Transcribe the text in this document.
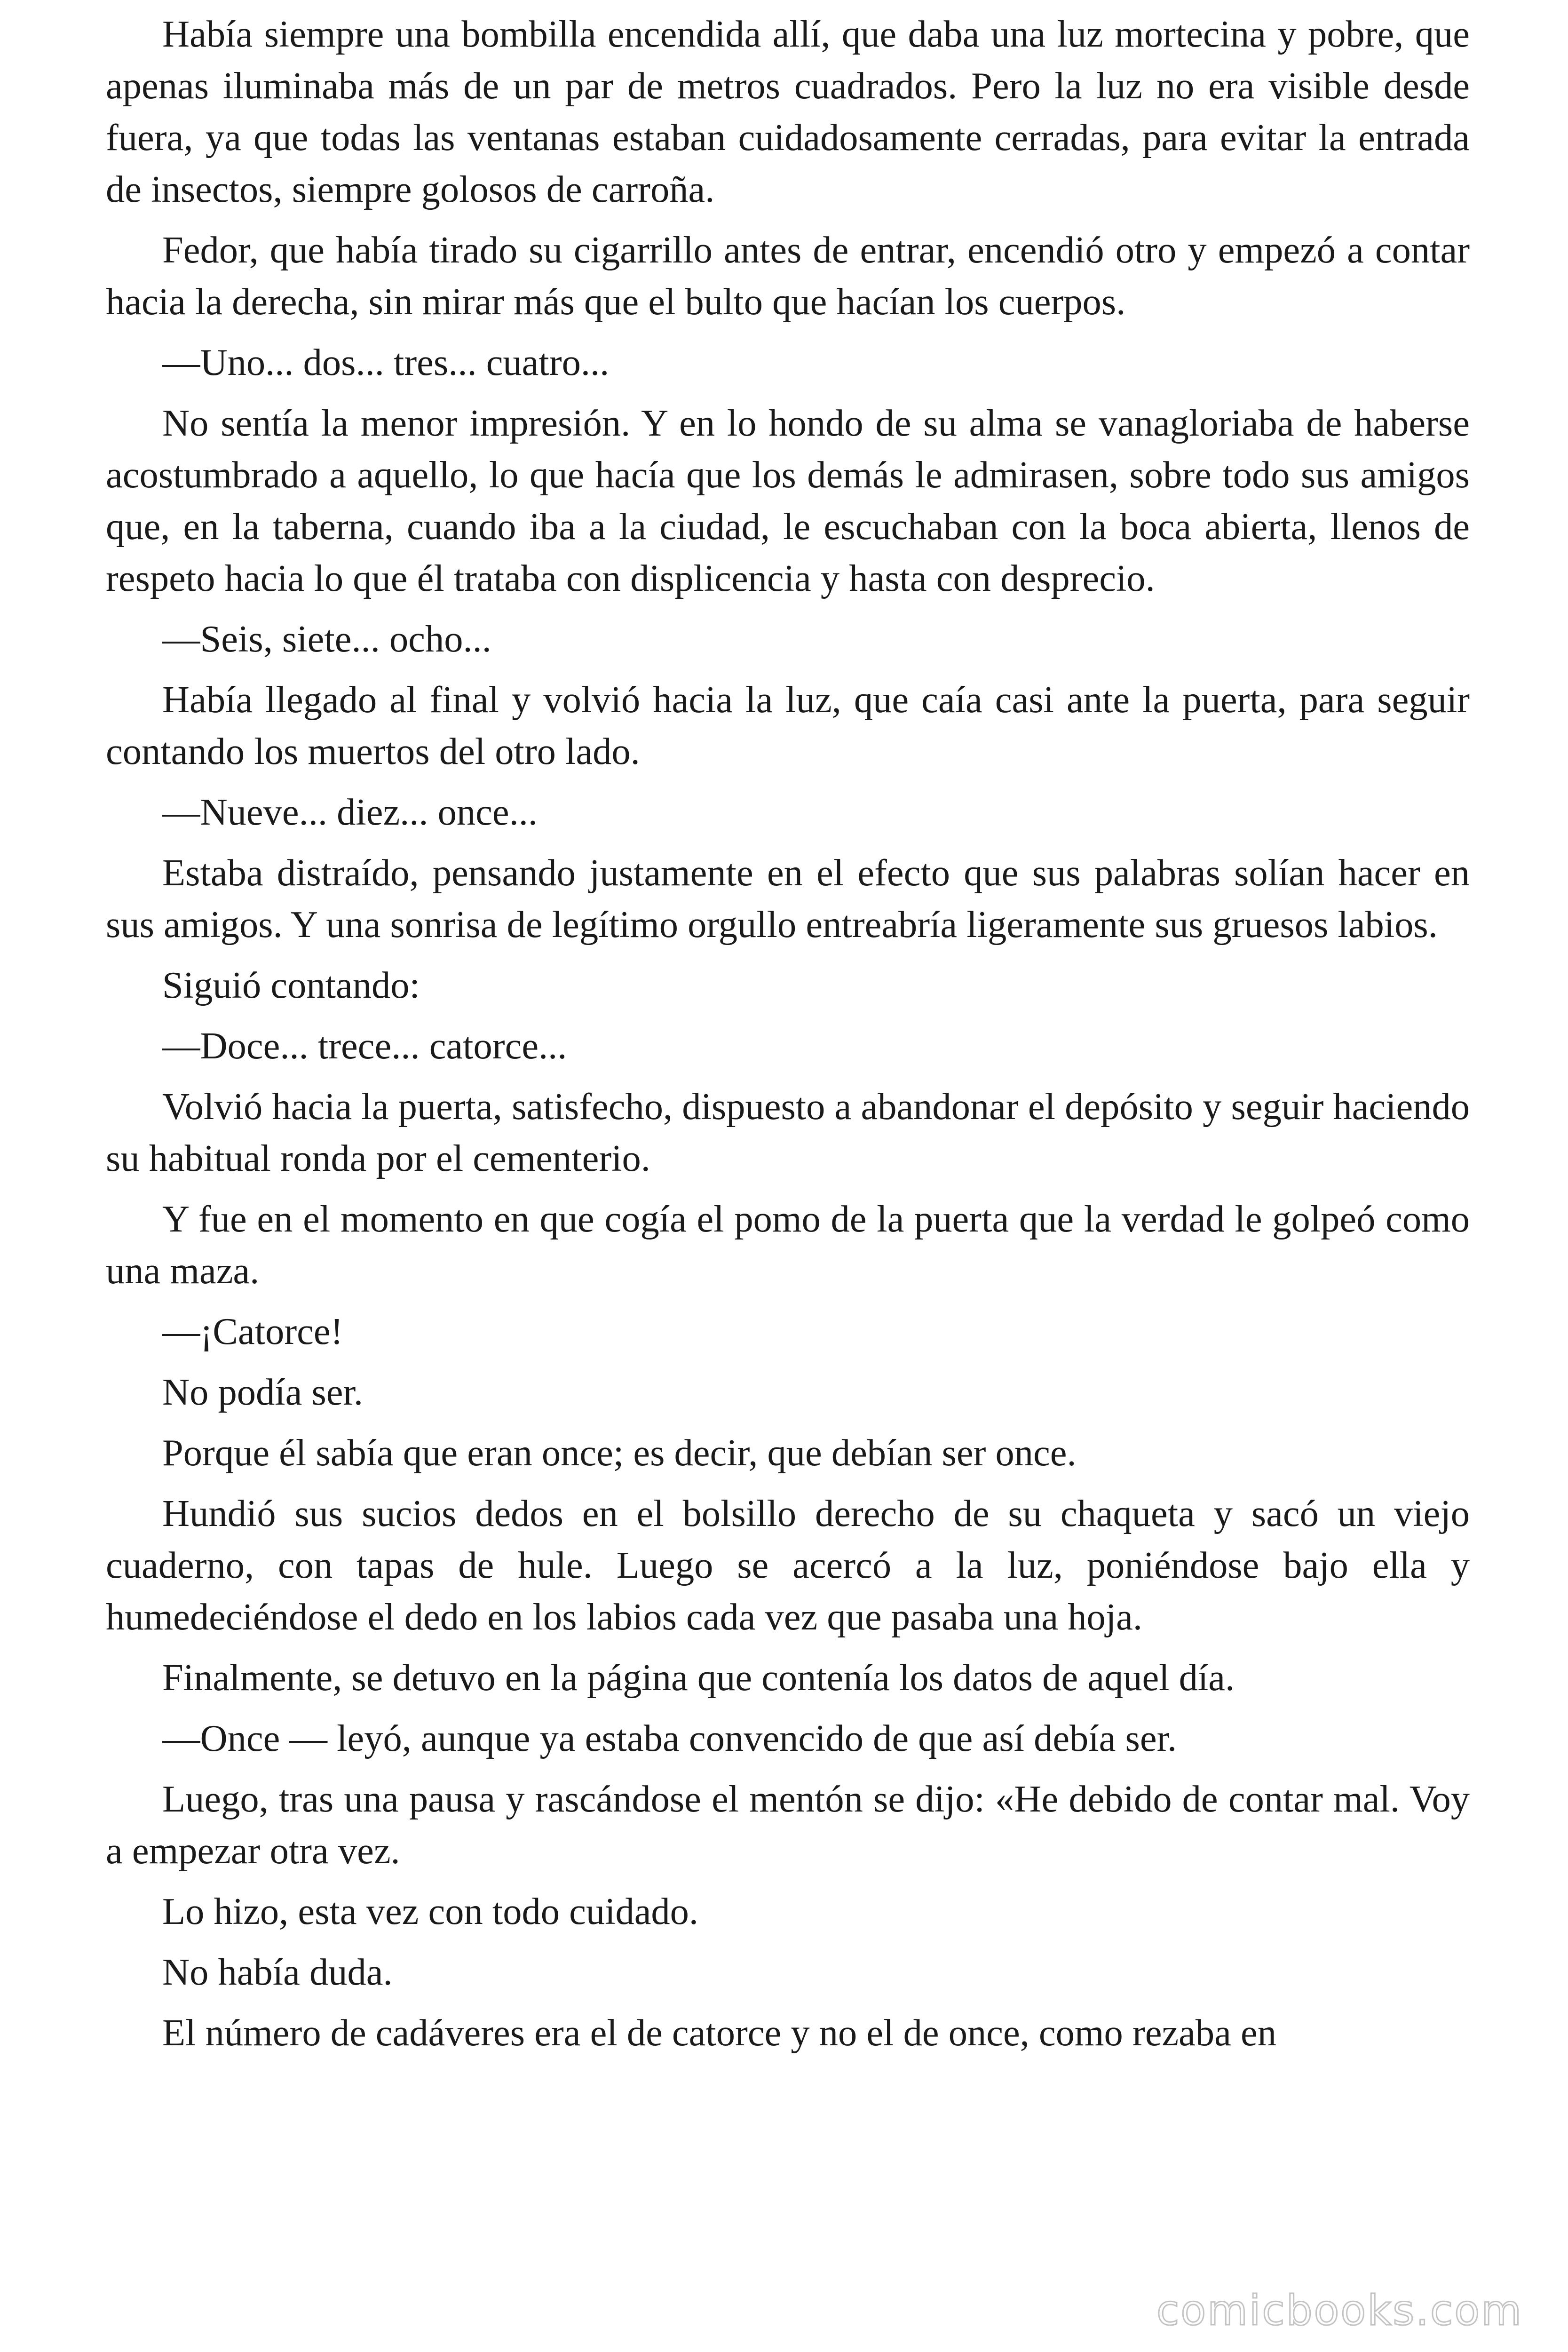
Había siempre una bombilla encendida allí, que daba una luz mortecina y pobre, que apenas iluminaba más de un par de metros cuadrados. Pero la luz no era visible desde fuera, ya que todas las ventanas estaban cuidadosamente cerradas, para evitar la entrada de insectos, siempre golosos de carroña.

Fedor, que había tirado su cigarrillo antes de entrar, encendió otro y empezó a contar hacia la derecha, sin mirar más que el bulto que hacían los cuerpos.

—Uno... dos... tres... cuatro...

No sentía la menor impresión. Y en lo hondo de su alma se vanagloriaba de haberse acostumbrado a aquello, lo que hacía que los demás le admirasen, sobre todo sus amigos que, en la taberna, cuando iba a la ciudad, le escuchaban con la boca abierta, llenos de respeto hacia lo que él trataba con displicencia y hasta con desprecio.

—Seis, siete... ocho...

Había llegado al final y volvió hacia la luz, que caía casi ante la puerta, para seguir contando los muertos del otro lado.

—Nueve... diez... once...

Estaba distraído, pensando justamente en el efecto que sus palabras solían hacer en sus amigos. Y una sonrisa de legítimo orgullo entreabría ligeramente sus gruesos labios.

Siguió contando:

—Doce... trece... catorce...

Volvió hacia la puerta, satisfecho, dispuesto a abandonar el depósito y seguir haciendo su habitual ronda por el cementerio.

Y fue en el momento en que cogía el pomo de la puerta que la verdad le golpeó como una maza.

—¡Catorce!

No podía ser.

Porque él sabía que eran once; es decir, que debían ser once.

Hundió sus sucios dedos en el bolsillo derecho de su chaqueta y sacó un viejo cuaderno, con tapas de hule. Luego se acercó a la luz, poniéndose bajo ella y humedeciéndose el dedo en los labios cada vez que pasaba una hoja.

Finalmente, se detuvo en la página que contenía los datos de aquel día.

—Once — leyó, aunque ya estaba convencido de que así debía ser.

Luego, tras una pausa y rascándose el mentón se dijo: «He debido de contar mal. Voy a empezar otra vez.

Lo hizo, esta vez con todo cuidado.

No había duda.

El número de cadáveres era el de catorce y no el de once, como rezaba en

comicbooks.com
